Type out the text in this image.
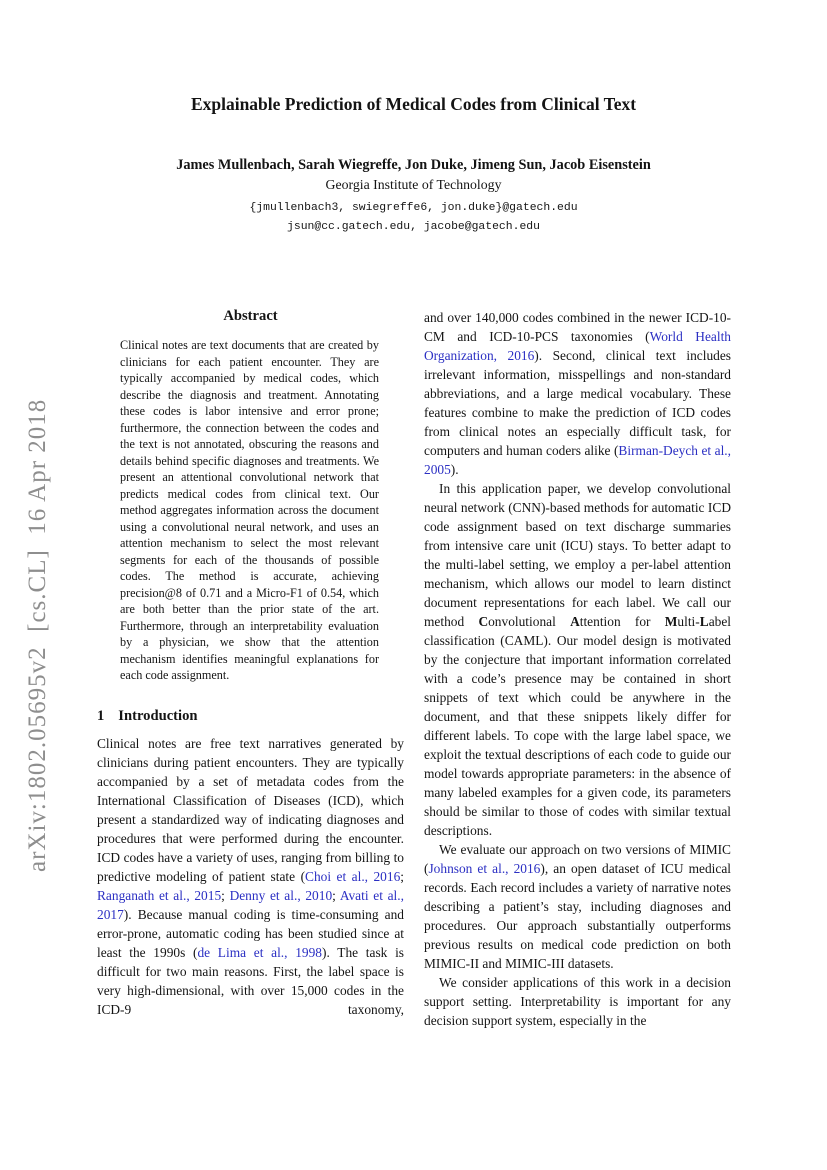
arXiv:1802.05695v2  [cs.CL]  16 Apr 2018
Explainable Prediction of Medical Codes from Clinical Text
James Mullenbach, Sarah Wiegreffe, Jon Duke, Jimeng Sun, Jacob Eisenstein
Georgia Institute of Technology
{jmullenbach3, swiegreffe6, jon.duke}@gatech.edu
jsun@cc.gatech.edu, jacobe@gatech.edu
Abstract

Clinical notes are text documents that are created by clinicians for each patient encounter. They are typically accompanied by medical codes, which describe the diagnosis and treatment. Annotating these codes is labor intensive and error prone; furthermore, the connection between the codes and the text is not annotated, obscuring the reasons and details behind specific diagnoses and treatments. We present an attentional convolutional network that predicts medical codes from clinical text. Our method aggregates information across the document using a convolutional neural network, and uses an attention mechanism to select the most relevant segments for each of the thousands of possible codes. The method is accurate, achieving precision@8 of 0.71 and a Micro-F1 of 0.54, which are both better than the prior state of the art. Furthermore, through an interpretability evaluation by a physician, we show that the attention mechanism identifies meaningful explanations for each code assignment.

1 Introduction

Clinical notes are free text narratives generated by clinicians during patient encounters. They are typically accompanied by a set of metadata codes from the International Classification of Diseases (ICD), which present a standardized way of indicating diagnoses and procedures that were performed during the encounter. ICD codes have a variety of uses, ranging from billing to predictive modeling of patient state (Choi et al., 2016; Ranganath et al., 2015; Denny et al., 2010; Avati et al., 2017). Because manual coding is time-consuming and error-prone, automatic coding has been studied since at least the 1990s (de Lima et al., 1998). The task is difficult for two main reasons. First, the label space is very high-dimensional, with over 15,000 codes in the ICD-9 taxonomy,

and over 140,000 codes combined in the newer ICD-10-CM and ICD-10-PCS taxonomies (World Health Organization, 2016). Second, clinical text includes irrelevant information, misspellings and non-standard abbreviations, and a large medical vocabulary. These features combine to make the prediction of ICD codes from clinical notes an especially difficult task, for computers and human coders alike (Birman-Deych et al., 2005).

In this application paper, we develop convolutional neural network (CNN)-based methods for automatic ICD code assignment based on text discharge summaries from intensive care unit (ICU) stays. To better adapt to the multi-label setting, we employ a per-label attention mechanism, which allows our model to learn distinct document representations for each label. We call our method Convolutional Attention for Multi-Label classification (CAML). Our model design is motivated by the conjecture that important information correlated with a code’s presence may be contained in short snippets of text which could be anywhere in the document, and that these snippets likely differ for different labels. To cope with the large label space, we exploit the textual descriptions of each code to guide our model towards appropriate parameters: in the absence of many labeled examples for a given code, its parameters should be similar to those of codes with similar textual descriptions.

We evaluate our approach on two versions of MIMIC (Johnson et al., 2016), an open dataset of ICU medical records. Each record includes a variety of narrative notes describing a patient’s stay, including diagnoses and procedures. Our approach substantially outperforms previous results on medical code prediction on both MIMIC-II and MIMIC-III datasets.

We consider applications of this work in a decision support setting. Interpretability is important for any decision support system, especially in the
